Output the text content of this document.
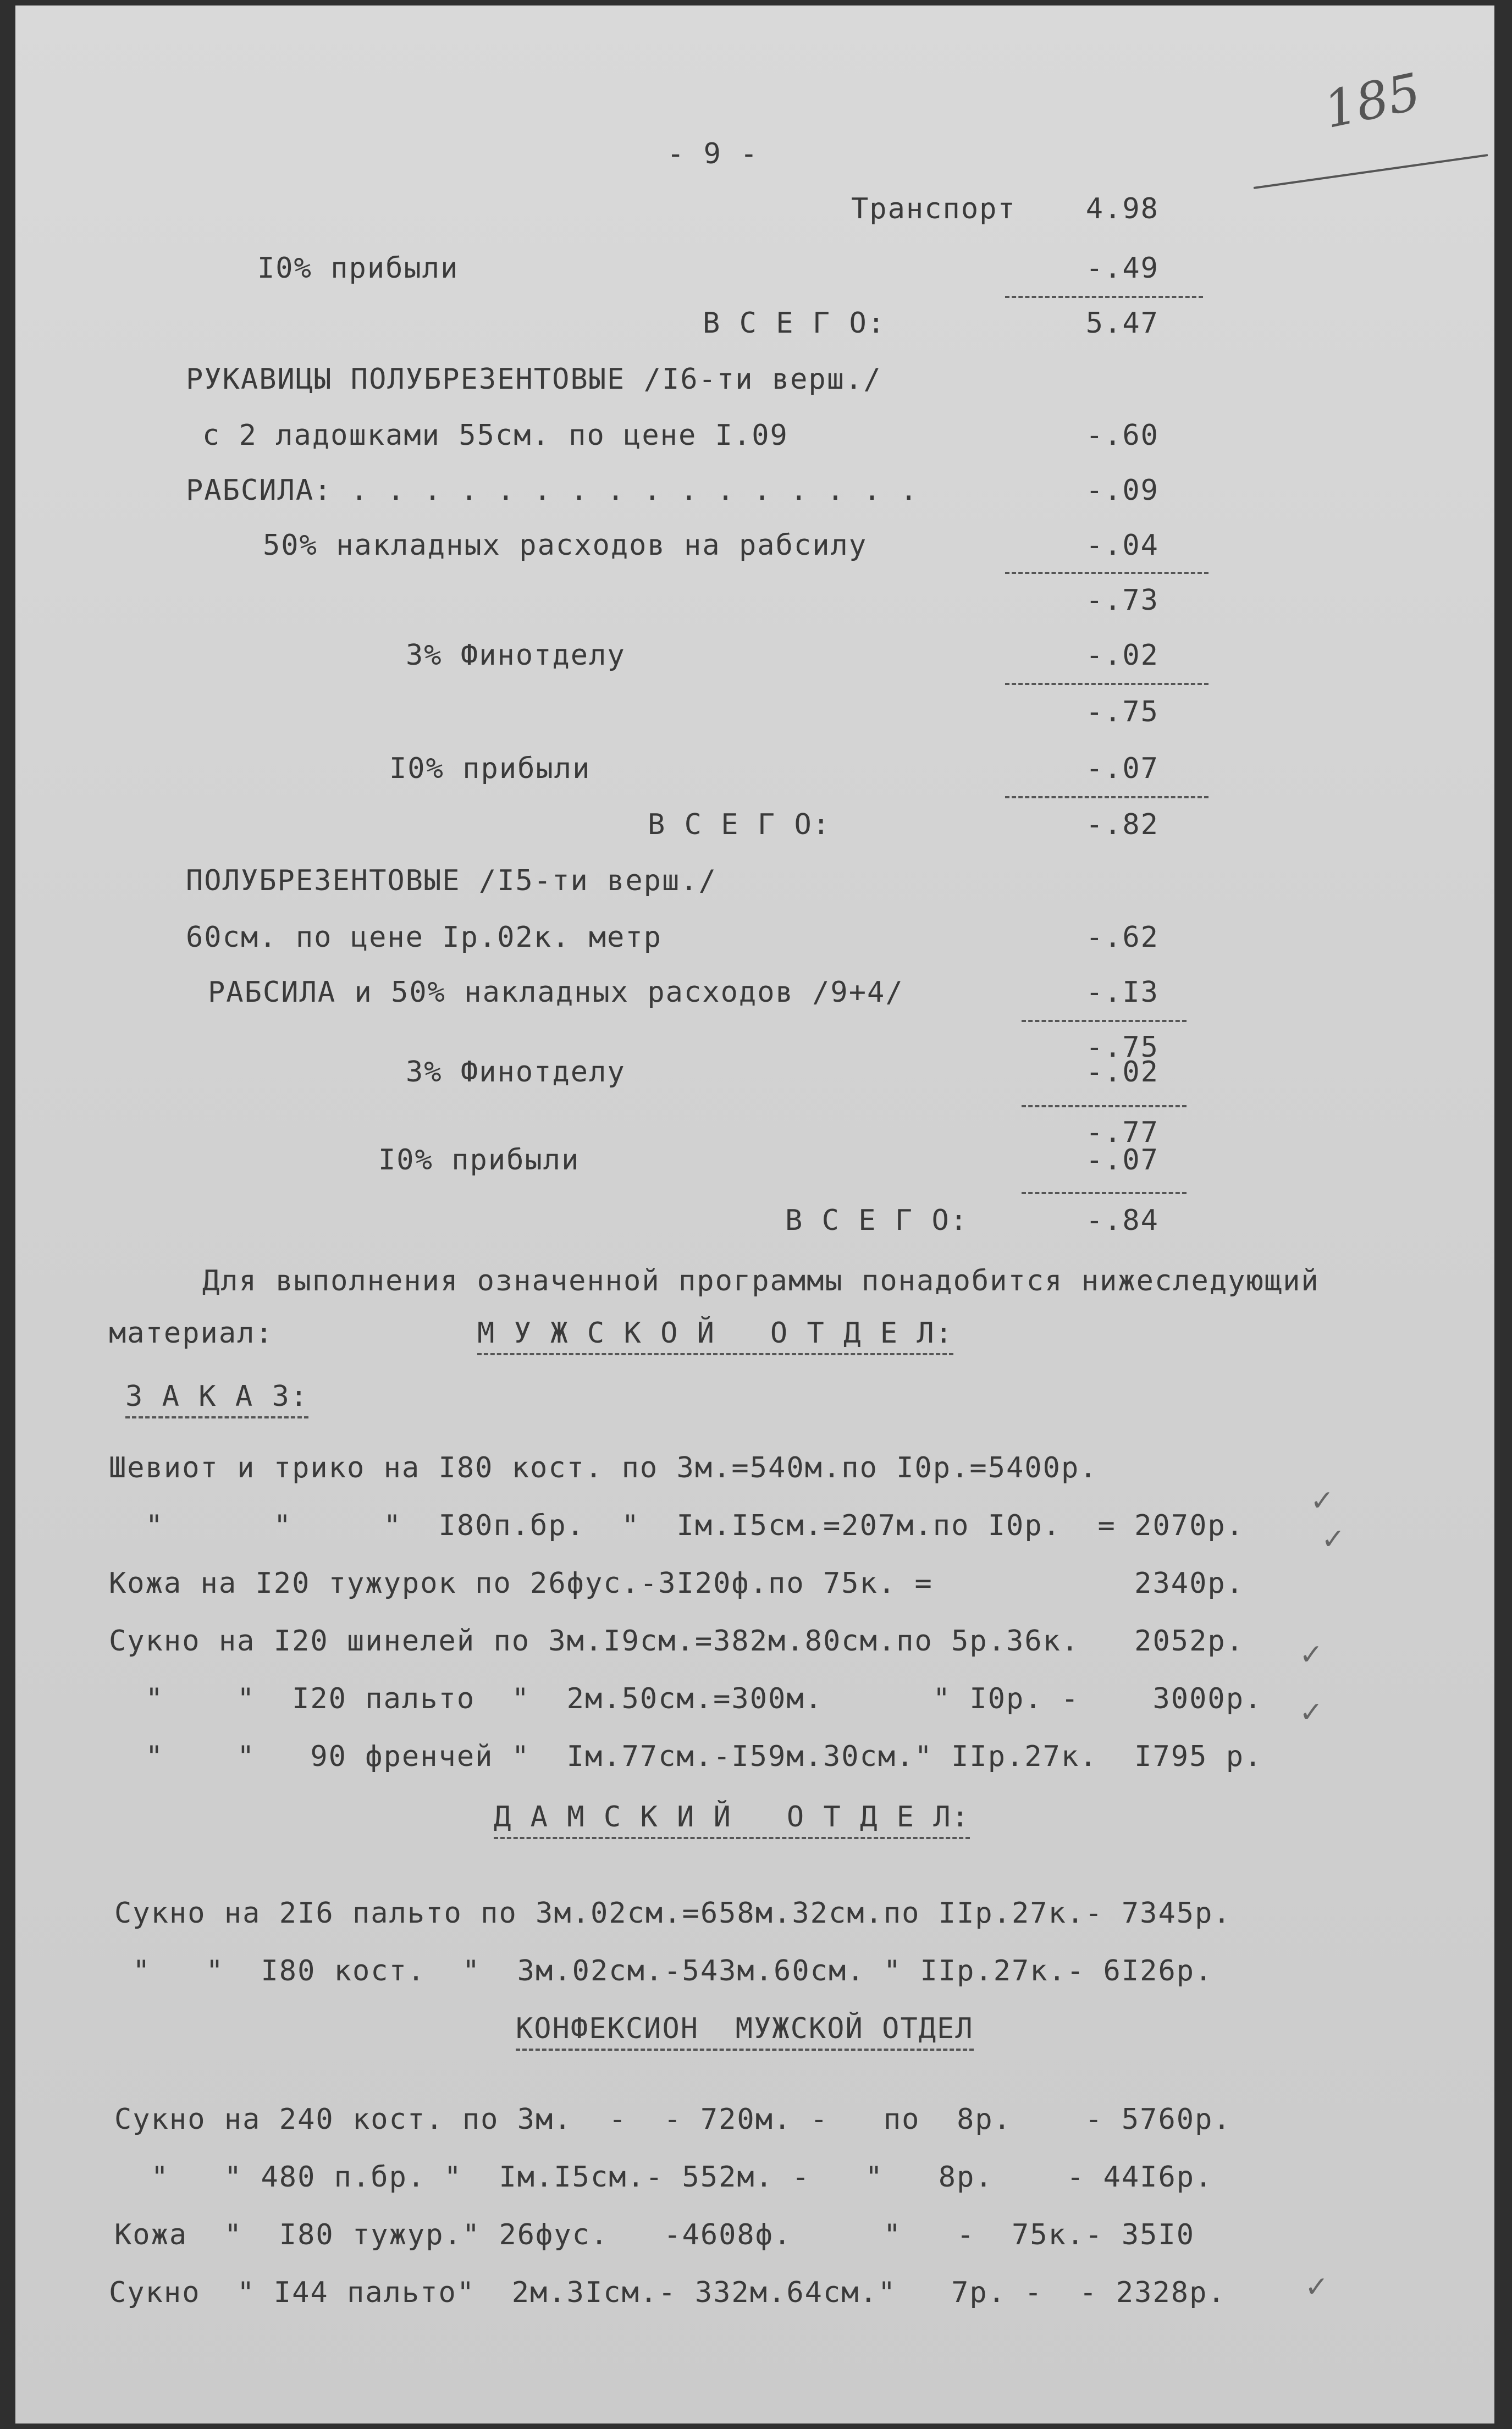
185
- 9 -
Транспорт	4.98
I0% прибыли	-.49
В С Е Г О:	5.47
РУКАВИЦЫ ПОЛУБРЕЗЕНТОВЫЕ /I6-ти верш./
с 2 ладошками 55см. по цене I.09	-.60
РАБСИЛА: . . . . . . . . . . . . . . . .	-.09
50% накладных расходов на рабсилу	-.04
-.73
3% Финотделу	-.02
-.75
I0% прибыли	-.07
В С Е Г О:	-.82
ПОЛУБРЕЗЕНТОВЫЕ /I5-ти верш./
60см. по цене Iр.02к. метр	-.62
РАБСИЛА и 50% накладных расходов /9+4/	-.I3
-.75
3% Финотделу	-.02
-.77
I0% прибыли	-.07
В С Е Г О:	-.84
Для выполнения означенной программы понадобится нижеследующий
материал:	М У Ж С К О Й   О Т Д Е Л:
З А К А З:
Шевиот и трико на I80 кост. по 3м.=540м.по I0р.=5400р.
"      "     "  I80п.бр.  "  Iм.I5см.=207м.по I0р.  = 2070р.
Кожа на I20 тужурок по 26фус.-3I20ф.по 75к. =           2340р.
Сукно на I20 шинелей по 3м.I9см.=382м.80см.по 5р.36к.   2052р.
"    "  I20 пальто  "  2м.50см.=300м.      " I0р. -    3000р.
"    "   90 френчей "  Iм.77см.-I59м.30см." IIр.27к.  I795 р.
✓
✓
✓
✓
✓
Д А М С К И Й   О Т Д Е Л:
Сукно на 2I6 пальто по 3м.02см.=658м.32см.по IIр.27к.- 7345р.
"   "  I80 кост.  "  3м.02см.-543м.60см. " IIр.27к.- 6I26р.
КОНФЕКСИОН  МУЖСКОЙ ОТДЕЛ
Сукно на 240 кост. по 3м.  -  - 720м. -   по  8р.    - 5760р.
"   " 480 п.бр. "  Iм.I5см.- 552м. -   "   8р.    - 44I6р.
Кожа  "  I80 тужур." 26фус.   -4608ф.     "   -  75к.- 35I0
Сукно  " I44 пальто"  2м.3Iсм.- 332м.64см."   7р. -  - 2328р.
